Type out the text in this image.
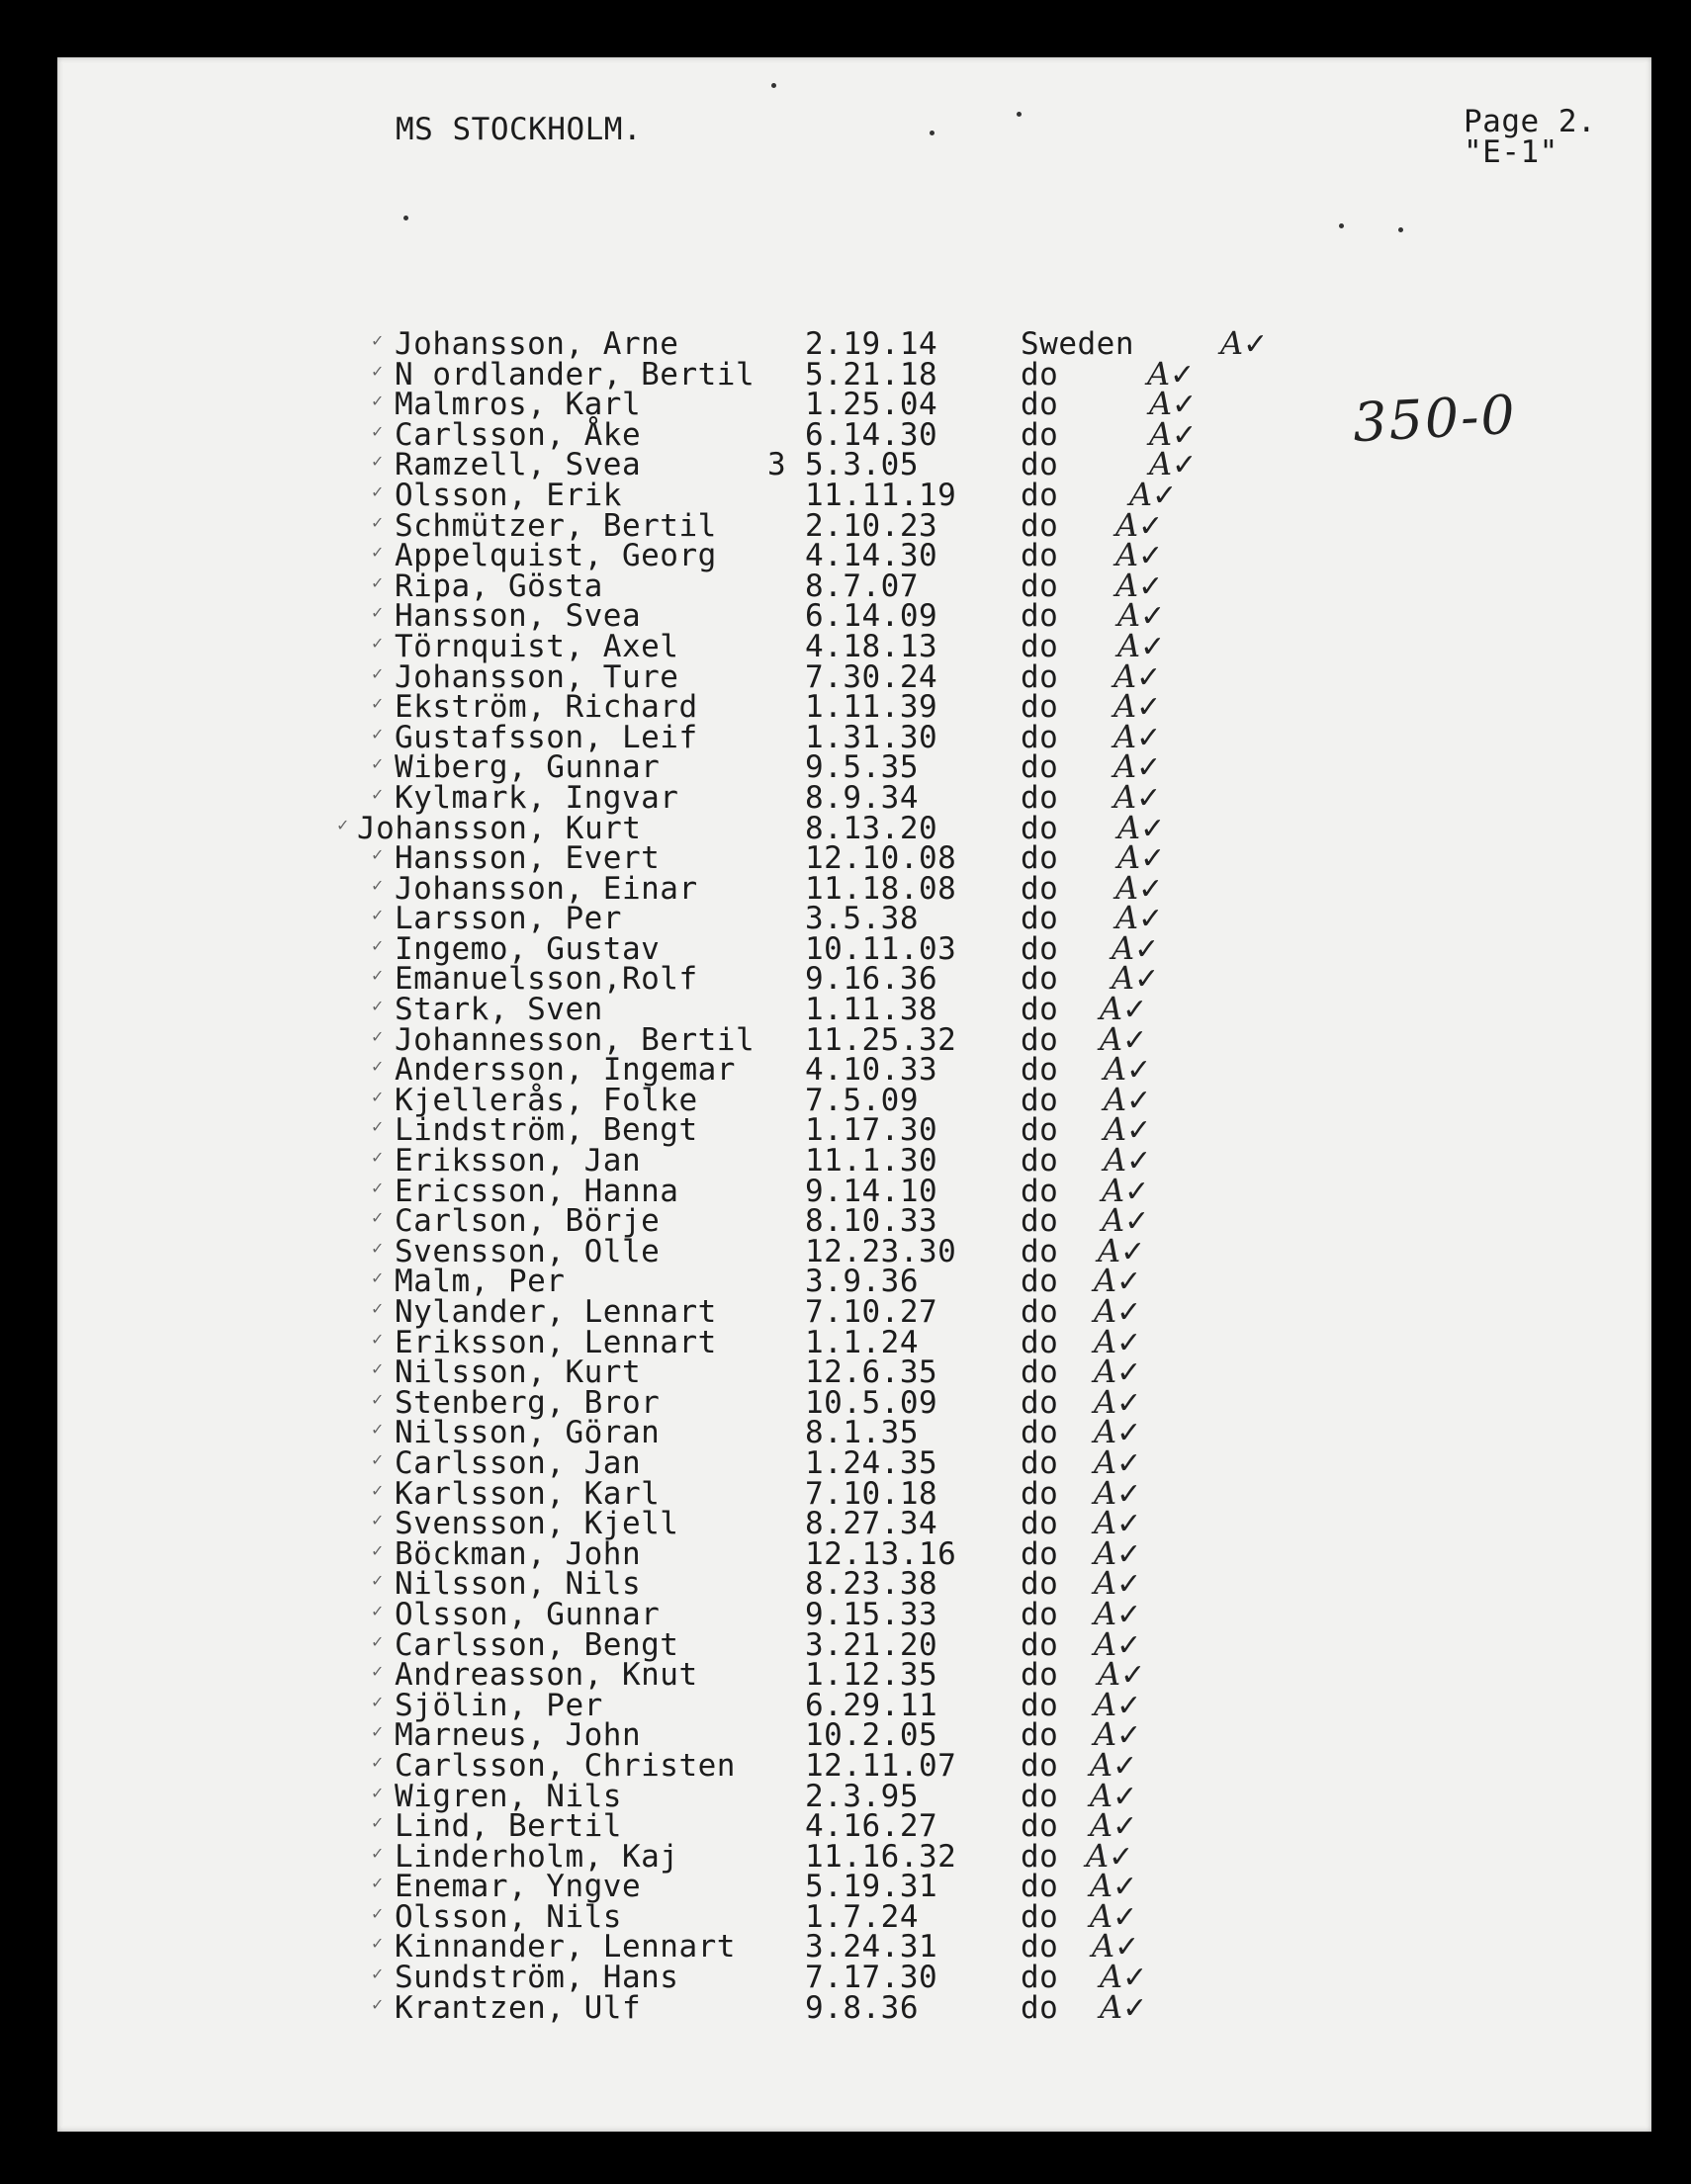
MS STOCKHOLM.	Page 2.
"E-1"
350-0
✓ Johansson, Arne	2.19.14	Sweden	A✓
✓ N ordlander, Bertil 5.21.18	do	A✓
✓ Malmros, Karl	1.25.04	do	A✓
✓ Carlsson, Åke	6.14.30	do	A✓
✓ Ramzell, Svea	3 5.3.05	do	A✓
✓ Olsson, Erik	11.11.19 do A✓
✓ Schmützer, Bertil	2.10.23	do A✓
✓ Appelquist, Georg	4.14.30	do A✓
✓ Ripa, Gösta	8.7.07	do A✓
✓ Hansson, Svea	6.14.09	do A✓
✓ Törnquist, Axel	4.18.13	do A✓
✓ Johansson, Ture	7.30.24	do A✓
✓ Ekström, Richard	1.11.39	do A✓
✓ Gustafsson, Leif	1.31.30	do A✓
✓ Wiberg, Gunnar	9.5.35	do A✓
✓ Kylmark, Ingvar	8.9.34	do A✓
✓ Johansson, Kurt	8.13.20	do A✓
✓ Hansson, Evert	12.10.08 do A✓
✓ Johansson, Einar	11.18.08 do A✓
✓ Larsson, Per	3.5.38	do A✓
✓ Ingemo, Gustav	10.11.03 do A✓
✓ Emanuelsson,Rolf	9.16.36	do A✓
✓ Stark, Sven	1.11.38	do A✓
✓ Johannesson, Bertil 11.25.32 do A✓
✓ Andersson, Ingemar 4.10.33	do A✓
✓ Kjellerås, Folke	7.5.09	do A✓
✓ Lindström, Bengt	1.17.30	do A✓
✓ Eriksson, Jan	11.1.30	do A✓
✓ Ericsson, Hanna	9.14.10	do A✓
✓ Carlson, Börje	8.10.33	do A✓
✓ Svensson, Olle	12.23.30 do A✓
✓ Malm, Per	3.9.36	do A✓
✓ Nylander, Lennart	7.10.27	do A✓
✓ Eriksson, Lennart	1.1.24	do A✓
✓ Nilsson, Kurt	12.6.35	do A✓
✓ Stenberg, Bror	10.5.09	do A✓
✓ Nilsson, Göran	8.1.35	do A✓
✓ Carlsson, Jan	1.24.35	do A✓
✓ Karlsson, Karl	7.10.18	do A✓
✓ Svensson, Kjell	8.27.34	do A✓
✓ Böckman, John	12.13.16 do A✓
✓ Nilsson, Nils	8.23.38	do A✓
✓ Olsson, Gunnar	9.15.33	do A✓
✓ Carlsson, Bengt	3.21.20	do A✓
✓ Andreasson, Knut	1.12.35	do A✓
✓ Sjölin, Per	6.29.11	do A✓
✓ Marneus, John	10.2.05	do A✓
✓ Carlsson, Christen 12.11.07 do A✓
✓ Wigren, Nils	2.3.95	do A✓
✓ Lind, Bertil	4.16.27	do A✓
✓ Linderholm, Kaj	11.16.32 do A✓
✓ Enemar, Yngve	5.19.31	do A✓
✓ Olsson, Nils	1.7.24	do A✓
✓ Kinnander, Lennart 3.24.31	do A✓
✓ Sundström, Hans	7.17.30	do A✓
✓ Krantzen, Ulf	9.8.36	do A✓
